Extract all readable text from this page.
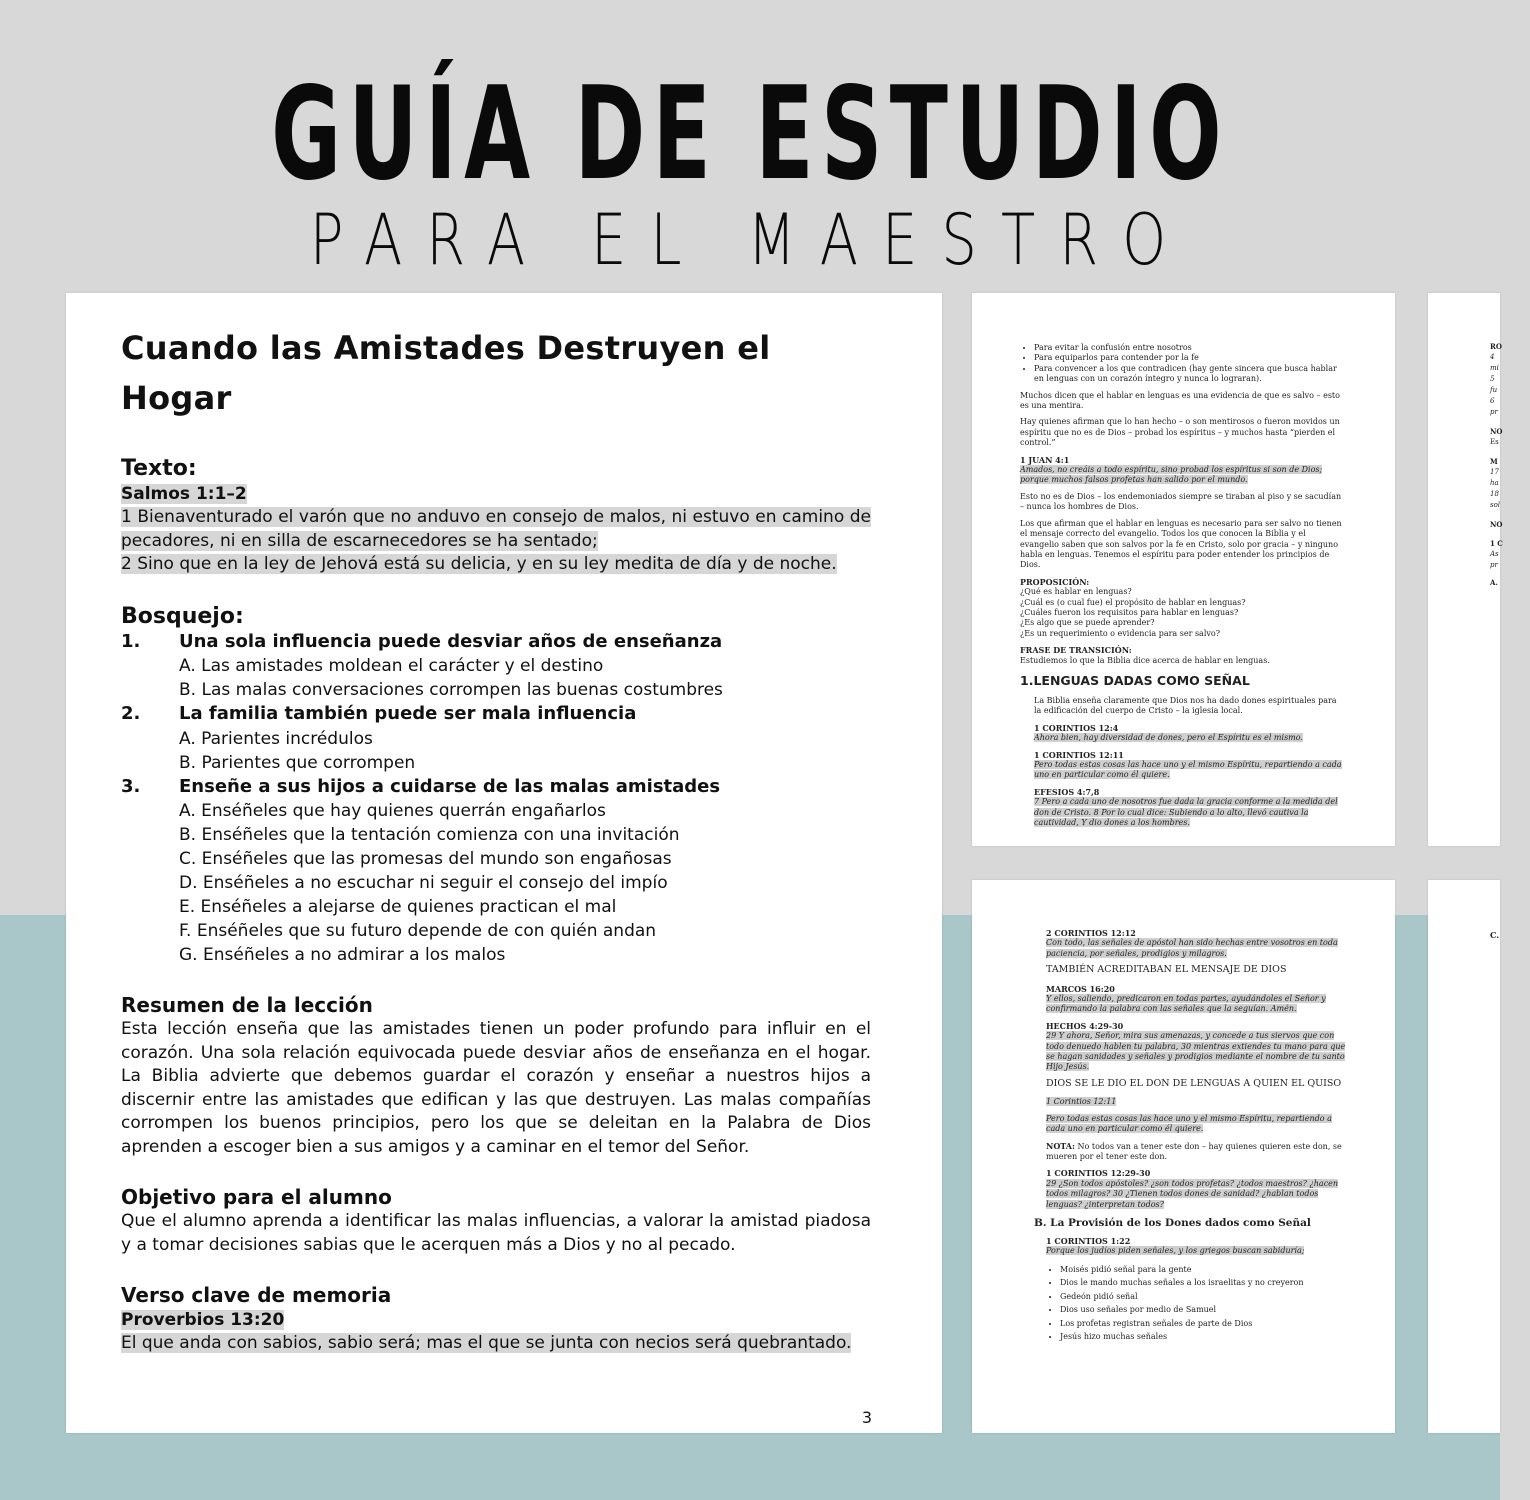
GUÍA DE ESTUDIO
PARA EL MAESTRO
Cuando las Amistades Destruyen el Hogar
Texto:
Salmos 1:1–2
1 Bienaventurado el varón que no anduvo en consejo de malos, ni estuvo en camino de pecadores, ni en silla de escarnecedores se ha sentado;
2 Sino que en la ley de Jehová está su delicia, y en su ley medita de día y de noche.
Bosquejo:
1.	Una sola influencia puede desviar años de enseñanza
A. Las amistades moldean el carácter y el destino
B. Las malas conversaciones corrompen las buenas costumbres
2.	La familia también puede ser mala influencia
A. Parientes incrédulos
B. Parientes que corrompen
3.	Enseñe a sus hijos a cuidarse de las malas amistades
A. Enséñeles que hay quienes querrán engañarlos
B. Enséñeles que la tentación comienza con una invitación
C. Enséñeles que las promesas del mundo son engañosas
D. Enséñeles a no escuchar ni seguir el consejo del impío
E. Enséñeles a alejarse de quienes practican el mal
F. Enséñeles que su futuro depende de con quién andan
G. Enséñeles a no admirar a los malos
Resumen de la lección
Esta lección enseña que las amistades tienen un poder profundo para influir en el corazón. Una sola relación equivocada puede desviar años de enseñanza en el hogar. La Biblia advierte que debemos guardar el corazón y enseñar a nuestros hijos a discernir entre las amistades que edifican y las que destruyen. Las malas compañías corrompen los buenos principios, pero los que se deleitan en la Palabra de Dios aprenden a escoger bien a sus amigos y a caminar en el temor del Señor.
Objetivo para el alumno
Que el alumno aprenda a identificar las malas influencias, a valorar la amistad piadosa y a tomar decisiones sabias que le acerquen más a Dios y no al pecado.
Verso clave de memoria
Proverbios 13:20
El que anda con sabios, sabio será; mas el que se junta con necios será quebrantado.
3
• Para evitar la confusión entre nosotros
• Para equiparlos para contender por la fe
• Para convencer a los que contradicen (hay gente sincera que busca hablar en lenguas con un corazón íntegro y nunca lo lograran).

Muchos dicen que el hablar en lenguas es una evidencia de que es salvo – esto es una mentira.

Hay quienes afirman que lo han hecho – o son mentirosos o fueron movidos un espíritu que no es de Dios – probad los espíritus – y muchos hasta “pierden el control.”

1 JUAN 4:1

Amados, no creáis a todo espíritu, sino probad los espíritus si son de Dios; porque muchos falsos profetas han salido por el mundo.

Esto no es de Dios – los endemoniados siempre se tiraban al piso y se sacudían – nunca los hombres de Dios.

Los que afirman que el hablar en lenguas es necesario para ser salvo no tienen el mensaje correcto del evangelio. Todos los que conocen la Biblia y el evangelio saben que son salvos por la fe en Cristo, solo por gracia – y ninguno habla en lenguas. Tenemos el espíritu para poder entender los principios de Dios.

PROPOSICIÓN:
¿Qué es hablar en lenguas?
¿Cuál es (o cual fue) el propósito de hablar en lenguas?
¿Cuáles fueron los requisitos para hablar en lenguas?
¿Es algo que se puede aprender?

¿Es un requerimiento o evidencia para ser salvo?

FRASE DE TRANSICIÓN:

Estudiemos lo que la Biblia dice acerca de hablar en lenguas.

1.LENGUAS DADAS COMO SEÑAL

La Biblia enseña claramente que Dios nos ha dado dones espirituales para la edificación del cuerpo de Cristo – la iglesia local.

1 CORINTIOS 12:4

Ahora bien, hay diversidad de dones, pero el Espíritu es el mismo.

1 CORINTIOS 12:11

Pero todas estas cosas las hace uno y el mismo Espíritu, repartiendo a cada uno en particular como él quiere.

EFESIOS 4:7,8

7 Pero a cada uno de nosotros fue dada la gracia conforme a la medida del don de Cristo. 8 Por lo cual dice: Subiendo a lo alto, llevó cautiva la cautividad, Y dio dones a los hombres.

2 CORINTIOS 12:12

Con todo, las señales de apóstol han sido hechas entre vosotros en toda paciencia, por señales, prodigios y milagros.

TAMBIÉN ACREDITABAN EL MENSAJE DE DIOS
MARCOS 16:20

Y ellos, saliendo, predicaron en todas partes, ayudándoles el Señor y confirmando la palabra con las señales que la seguían. Amén.

HECHOS 4:29-30

29 Y ahora, Señor, mira sus amenazas, y concede a tus siervos que con todo denuedo hablen tu palabra, 30 mientras extiendes tu mano para que se hagan sanidades y señales y prodigios mediante el nombre de tu santo Hijo Jesús.

DIOS SE LE DIO EL DON DE LENGUAS A QUIEN EL QUISO

1 Corintios 12:11

Pero todas estas cosas las hace uno y el mismo Espíritu, repartiendo a cada uno en particular como él quiere.

NOTA: No todos van a tener este don – hay quienes quieren este don, se mueren por el tener este don.

1 CORINTIOS 12:29-30

29 ¿Son todos apóstoles? ¿son todos profetas? ¿todos maestros? ¿hacen todos milagros? 30 ¿Tienen todos dones de sanidad? ¿hablan todos lenguas? ¿interpretan todos?

B. La Provisión de los Dones dados como Señal
1 CORINTIOS 1:22

Porque los judíos piden señales, y los griegos buscan sabiduría;

• Moisés pidió señal para la gente
• Dios le mando muchas señales a los israelitas y no creyeron
• Gedeón pidió señal
• Dios uso señales por medio de Samuel
• Los profetas registran señales de parte de Dios
• Jesús hizo muchas señales
RO
4
mi
5
fu
6
pr
NO
Es
M
17
ha
18
sol
NO
1 C
As
pr
A.
C.
